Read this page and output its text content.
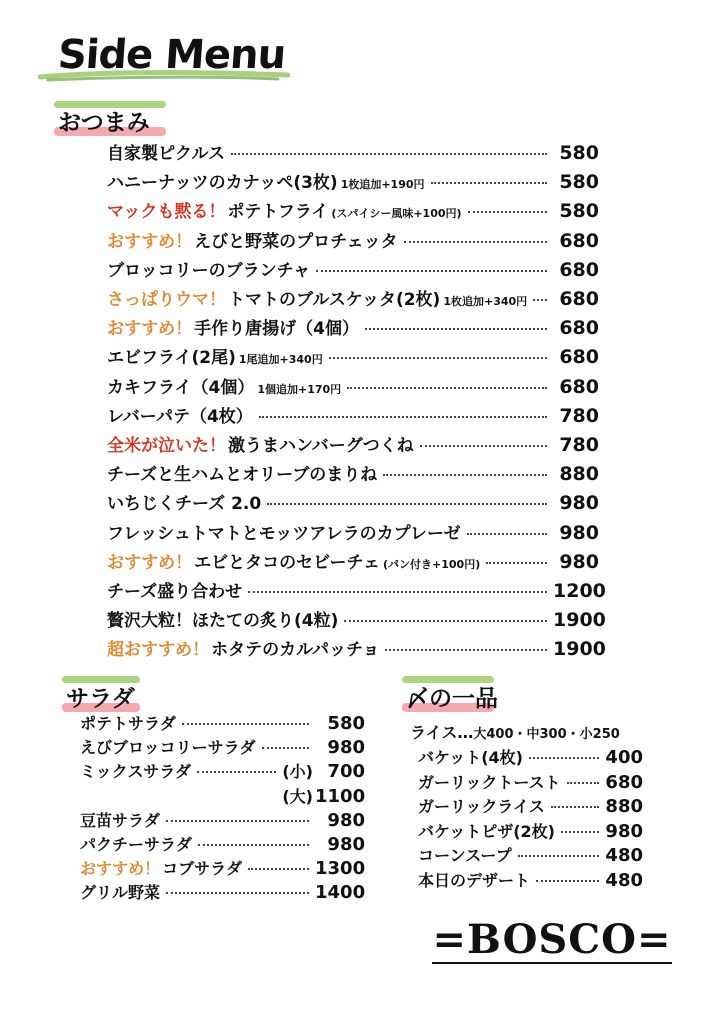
Side Menu
おつまみ
自家製ピクルス	580
ハニーナッツのカナッペ(3枚) 1枚追加+190円	580
マックも黙る！ ポテトフライ (スパイシー風味+100円)	580
おすすめ！ えびと野菜のプロチェッタ	680
ブロッコリーのブランチャ	680
さっぱりウマ！ トマトのブルスケッタ(2枚) 1枚追加+340円	680
おすすめ！ 手作り唐揚げ（4個）	680
エビフライ(2尾) 1尾追加+340円	680
カキフライ（4個） 1個追加+170円	680
レバーパテ（4枚）	780
全米が泣いた！ 激うまハンバーグつくね	780
チーズと生ハムとオリーブのまりね	880
いちじくチーズ 2.0	980
フレッシュトマトとモッツアレラのカプレーゼ	980
おすすめ！ エビとタコのセビーチェ (パン付き+100円)	980
チーズ盛り合わせ	1200
贅沢大粒！ほたての炙り(4粒)	1900
超おすすめ！ ホタテのカルパッチョ	1900
サラダ
ポテトサラダ	580
えびブロッコリーサラダ	980
ミックスサラダ	(小) 700
(大) 1100
豆苗サラダ	980
パクチーサラダ	980
おすすめ！ コブサラダ	1300
グリル野菜	1400
〆の一品
ライス… 大400・中300・小250
バケット(4枚)	400
ガーリックトースト 680
ガーリックライス	880
バケットピザ(2枚)	980
コーンスープ	480
本日のデザート	480
=BOSCO=
